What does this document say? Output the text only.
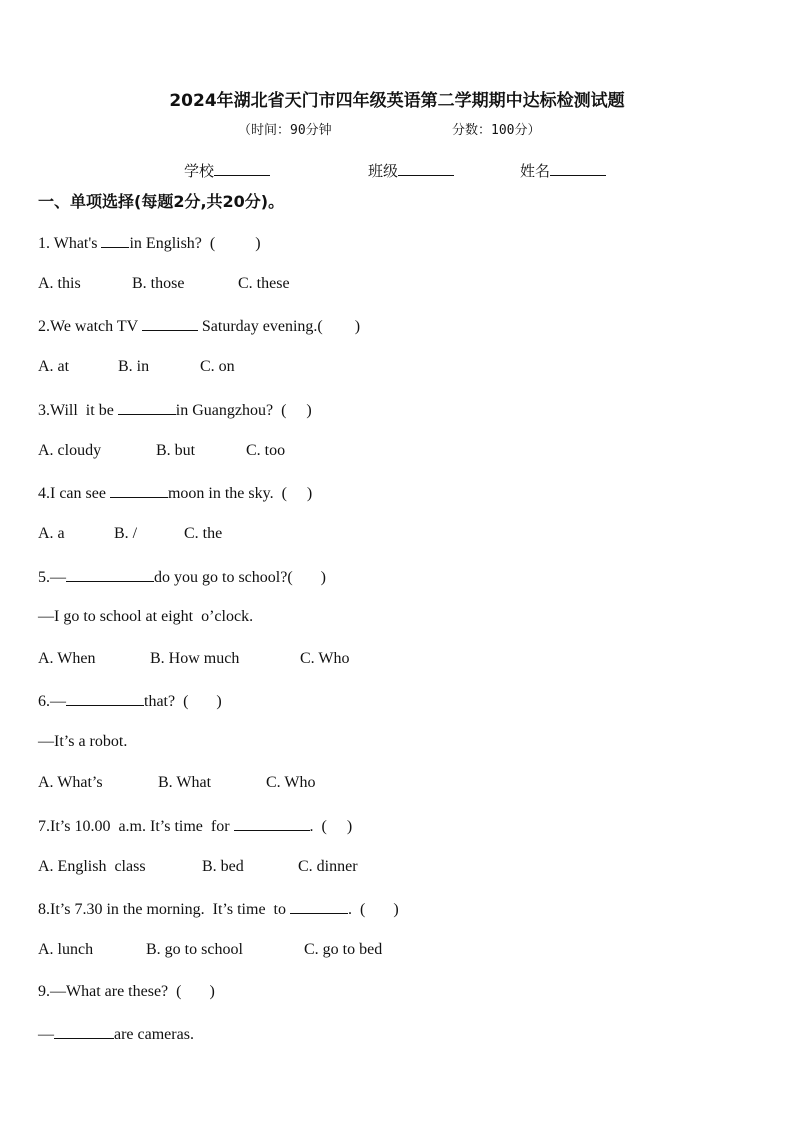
2024年湖北省天门市四年级英语第二学期期中达标检测试题
（时间：90分钟	分数：100分）
学校	班级	姓名
一、单项选择(每题2分,共20分)。
1. What's in English?  (          )
A. this	B. those	C. these
2.We watch TV	Saturday evening.(        )
A. at	B. in	C. on
3.Will  it be	in Guangzhou?  (     )
A. cloudy	B. but	C. too
4.I can see	moon in the sky.  (     )
A. a	B. /	C. the
5.—	do you go to school?(       )
—I go to school at eight  o’clock.
A. When	B. How much	C. Who
6.—	that?  (       )
—It’s a robot.
A. What’s	B. What	C. Who
7.It’s 10.00  a.m. It’s time  for	.  (     )
A. English  class	B. bed	C. dinner
8.It’s 7.30 in the morning.  It’s time  to	.  (       )
A. lunch	B. go to school	C. go to bed
9.—What are these?  (       )
—	are cameras.
